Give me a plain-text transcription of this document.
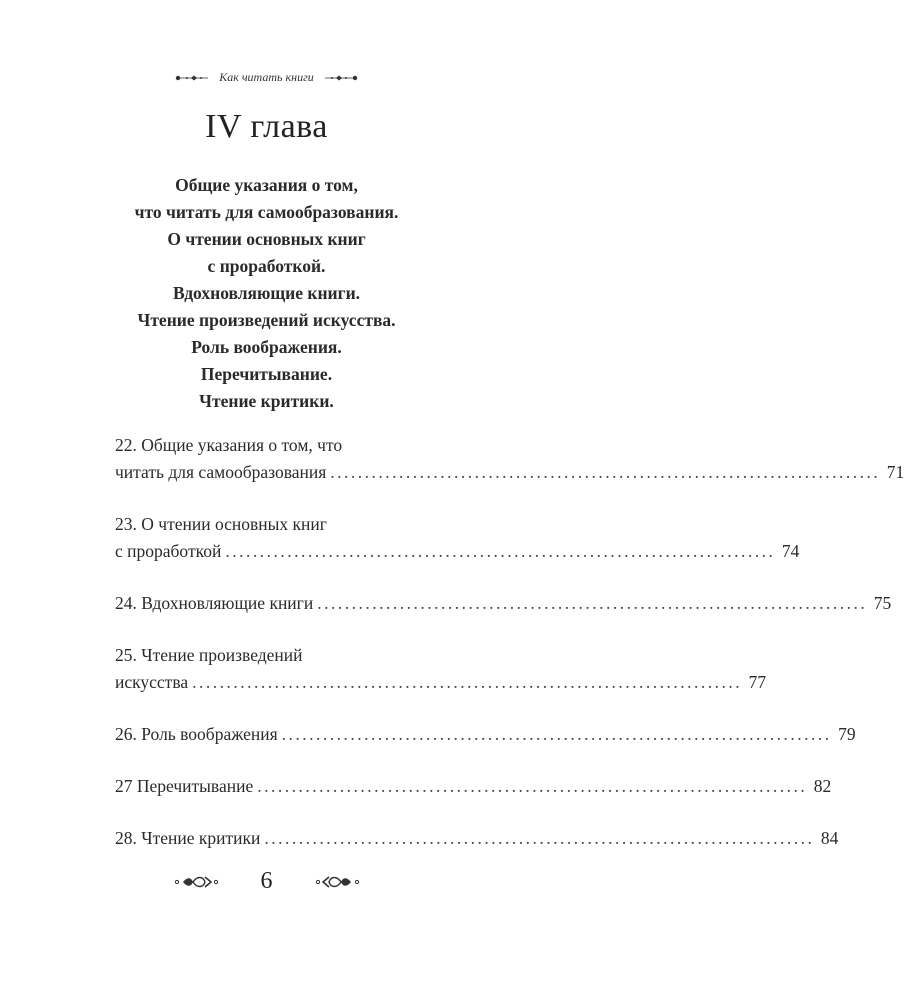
Как читать книги
IV глава
Общие указания о том,
что читать для самообразования.
О чтении основных книг
с проработкой.
Вдохновляющие книги.
Чтение произведений искусства.
Роль воображения.
Перечитывание.
Чтение критики.
22. Общие указания о том, что
читать для самообразования ................................................................................ 71
23. О чтении основных книг
с проработкой ................................................................................ 74
24. Вдохновляющие книги ................................................................................ 75
25. Чтение произведений
искусства ................................................................................ 77
26. Роль воображения ................................................................................ 79
27 Перечитывание ................................................................................ 82
28. Чтение критики ................................................................................ 84
6
